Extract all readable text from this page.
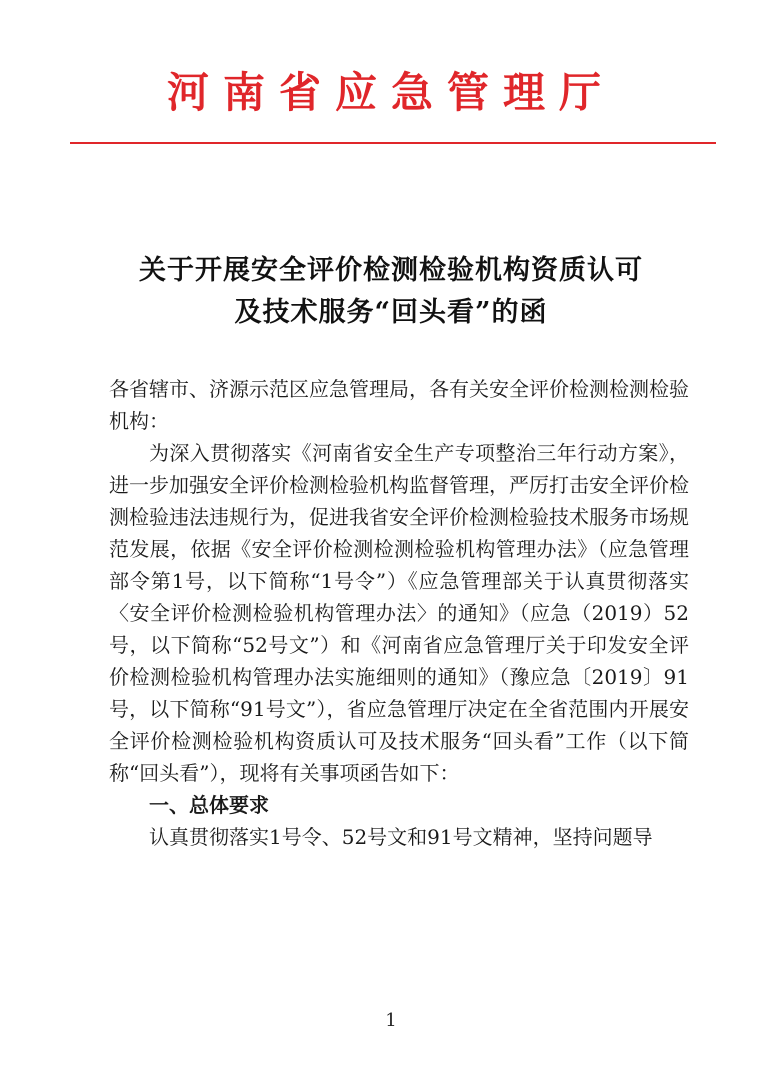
河南省应急管理厅
关于开展安全评价检测检验机构资质认可
及技术服务“回头看”的函

各省辖市、济源示范区应急管理局，各有关安全评价检测检测检验机构：

为深入贯彻落实《河南省安全生产专项整治三年行动方案》，进一步加强安全评价检测检验机构监督管理，严厉打击安全评价检测检验违法违规行为，促进我省安全评价检测检验技术服务市场规范发展，依据《安全评价检测检测检验机构管理办法》（应急管理部令第1号，以下简称“1号令”）《应急管理部关于认真贯彻落实〈安全评价检测检验机构管理办法〉的通知》（应急（2019）52号，以下简称“52号文”）和《河南省应急管理厅关于印发安全评价检测检验机构管理办法实施细则的通知》（豫应急〔2019〕91号，以下简称“91号文”），省应急管理厅决定在全省范围内开展安全评价检测检验机构资质认可及技术服务“回头看”工作（以下简称“回头看”），现将有关事项函告如下：

一、总体要求

认真贯彻落实1号令、52号文和91号文精神，坚持问题导

1
